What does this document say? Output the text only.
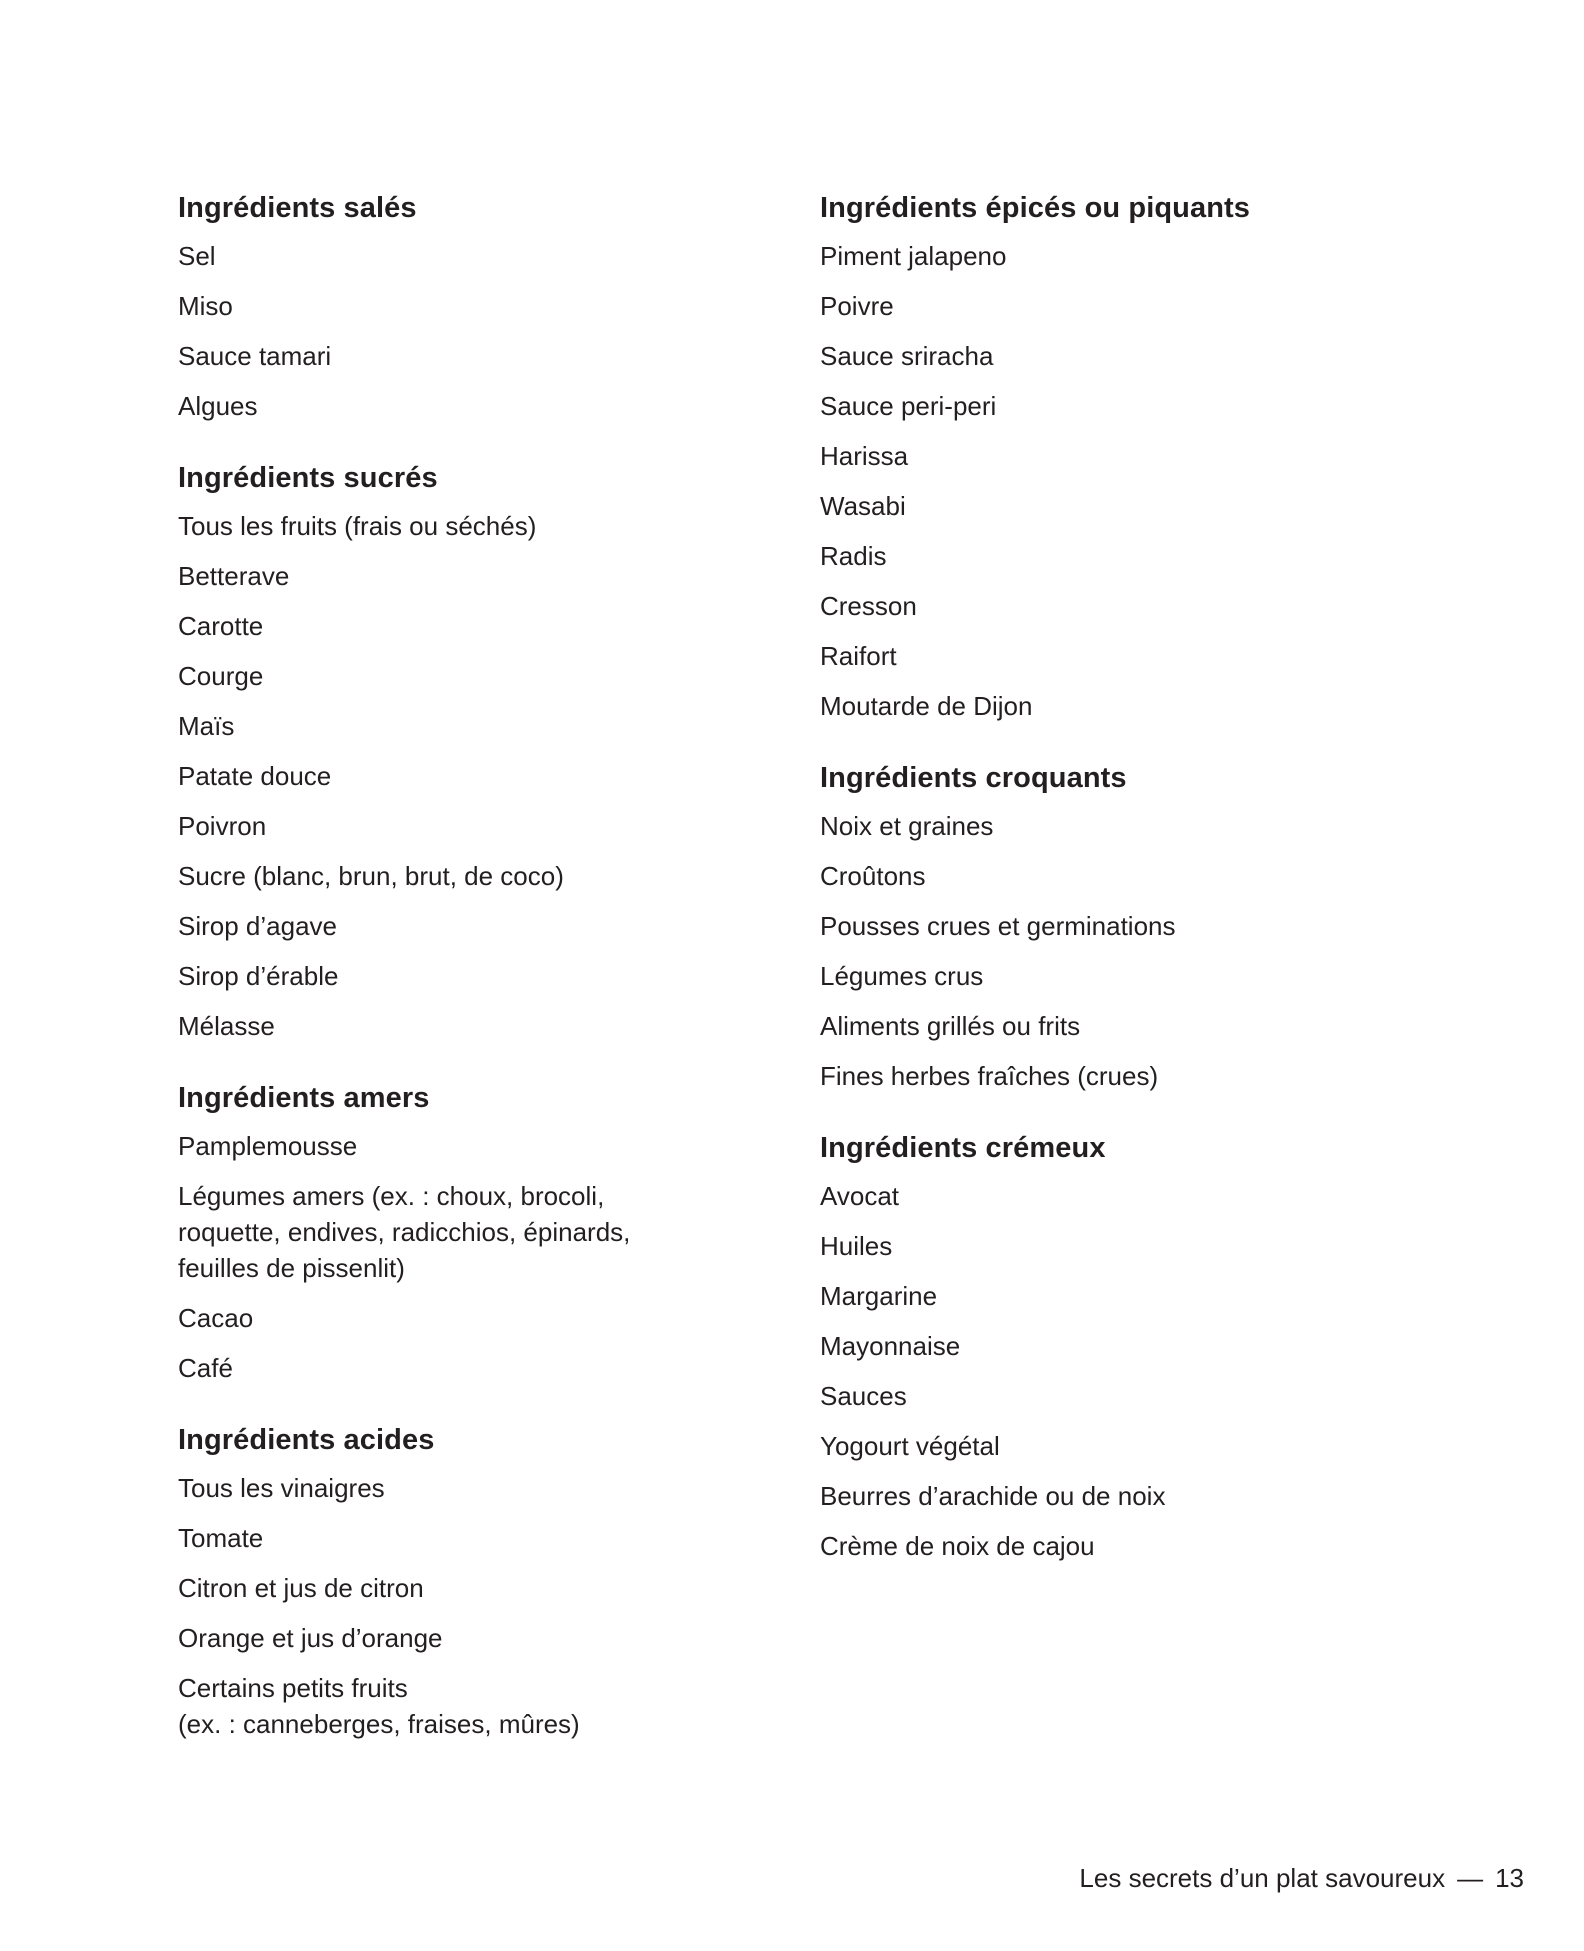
Ingrédients salés
Sel
Miso
Sauce tamari
Algues
Ingrédients sucrés
Tous les fruits (frais ou séchés)
Betterave
Carotte
Courge
Maïs
Patate douce
Poivron
Sucre (blanc, brun, brut, de coco)
Sirop d’agave
Sirop d’érable
Mélasse
Ingrédients amers
Pamplemousse
Légumes amers (ex. : choux, brocoli,
roquette, endives, radicchios, épinards,
feuilles de pissenlit)
Cacao
Café
Ingrédients acides
Tous les vinaigres
Tomate
Citron et jus de citron
Orange et jus d’orange
Certains petits fruits
(ex. : canneberges, fraises, mûres)
Ingrédients épicés ou piquants
Piment jalapeno
Poivre
Sauce sriracha
Sauce peri-peri
Harissa
Wasabi
Radis
Cresson
Raifort
Moutarde de Dijon
Ingrédients croquants
Noix et graines
Croûtons
Pousses crues et germinations
Légumes crus
Aliments grillés ou frits
Fines herbes fraîches (crues)
Ingrédients crémeux
Avocat
Huiles
Margarine
Mayonnaise
Sauces
Yogourt végétal
Beurres d’arachide ou de noix
Crème de noix de cajou
Les secrets d’un plat savoureux — 13
